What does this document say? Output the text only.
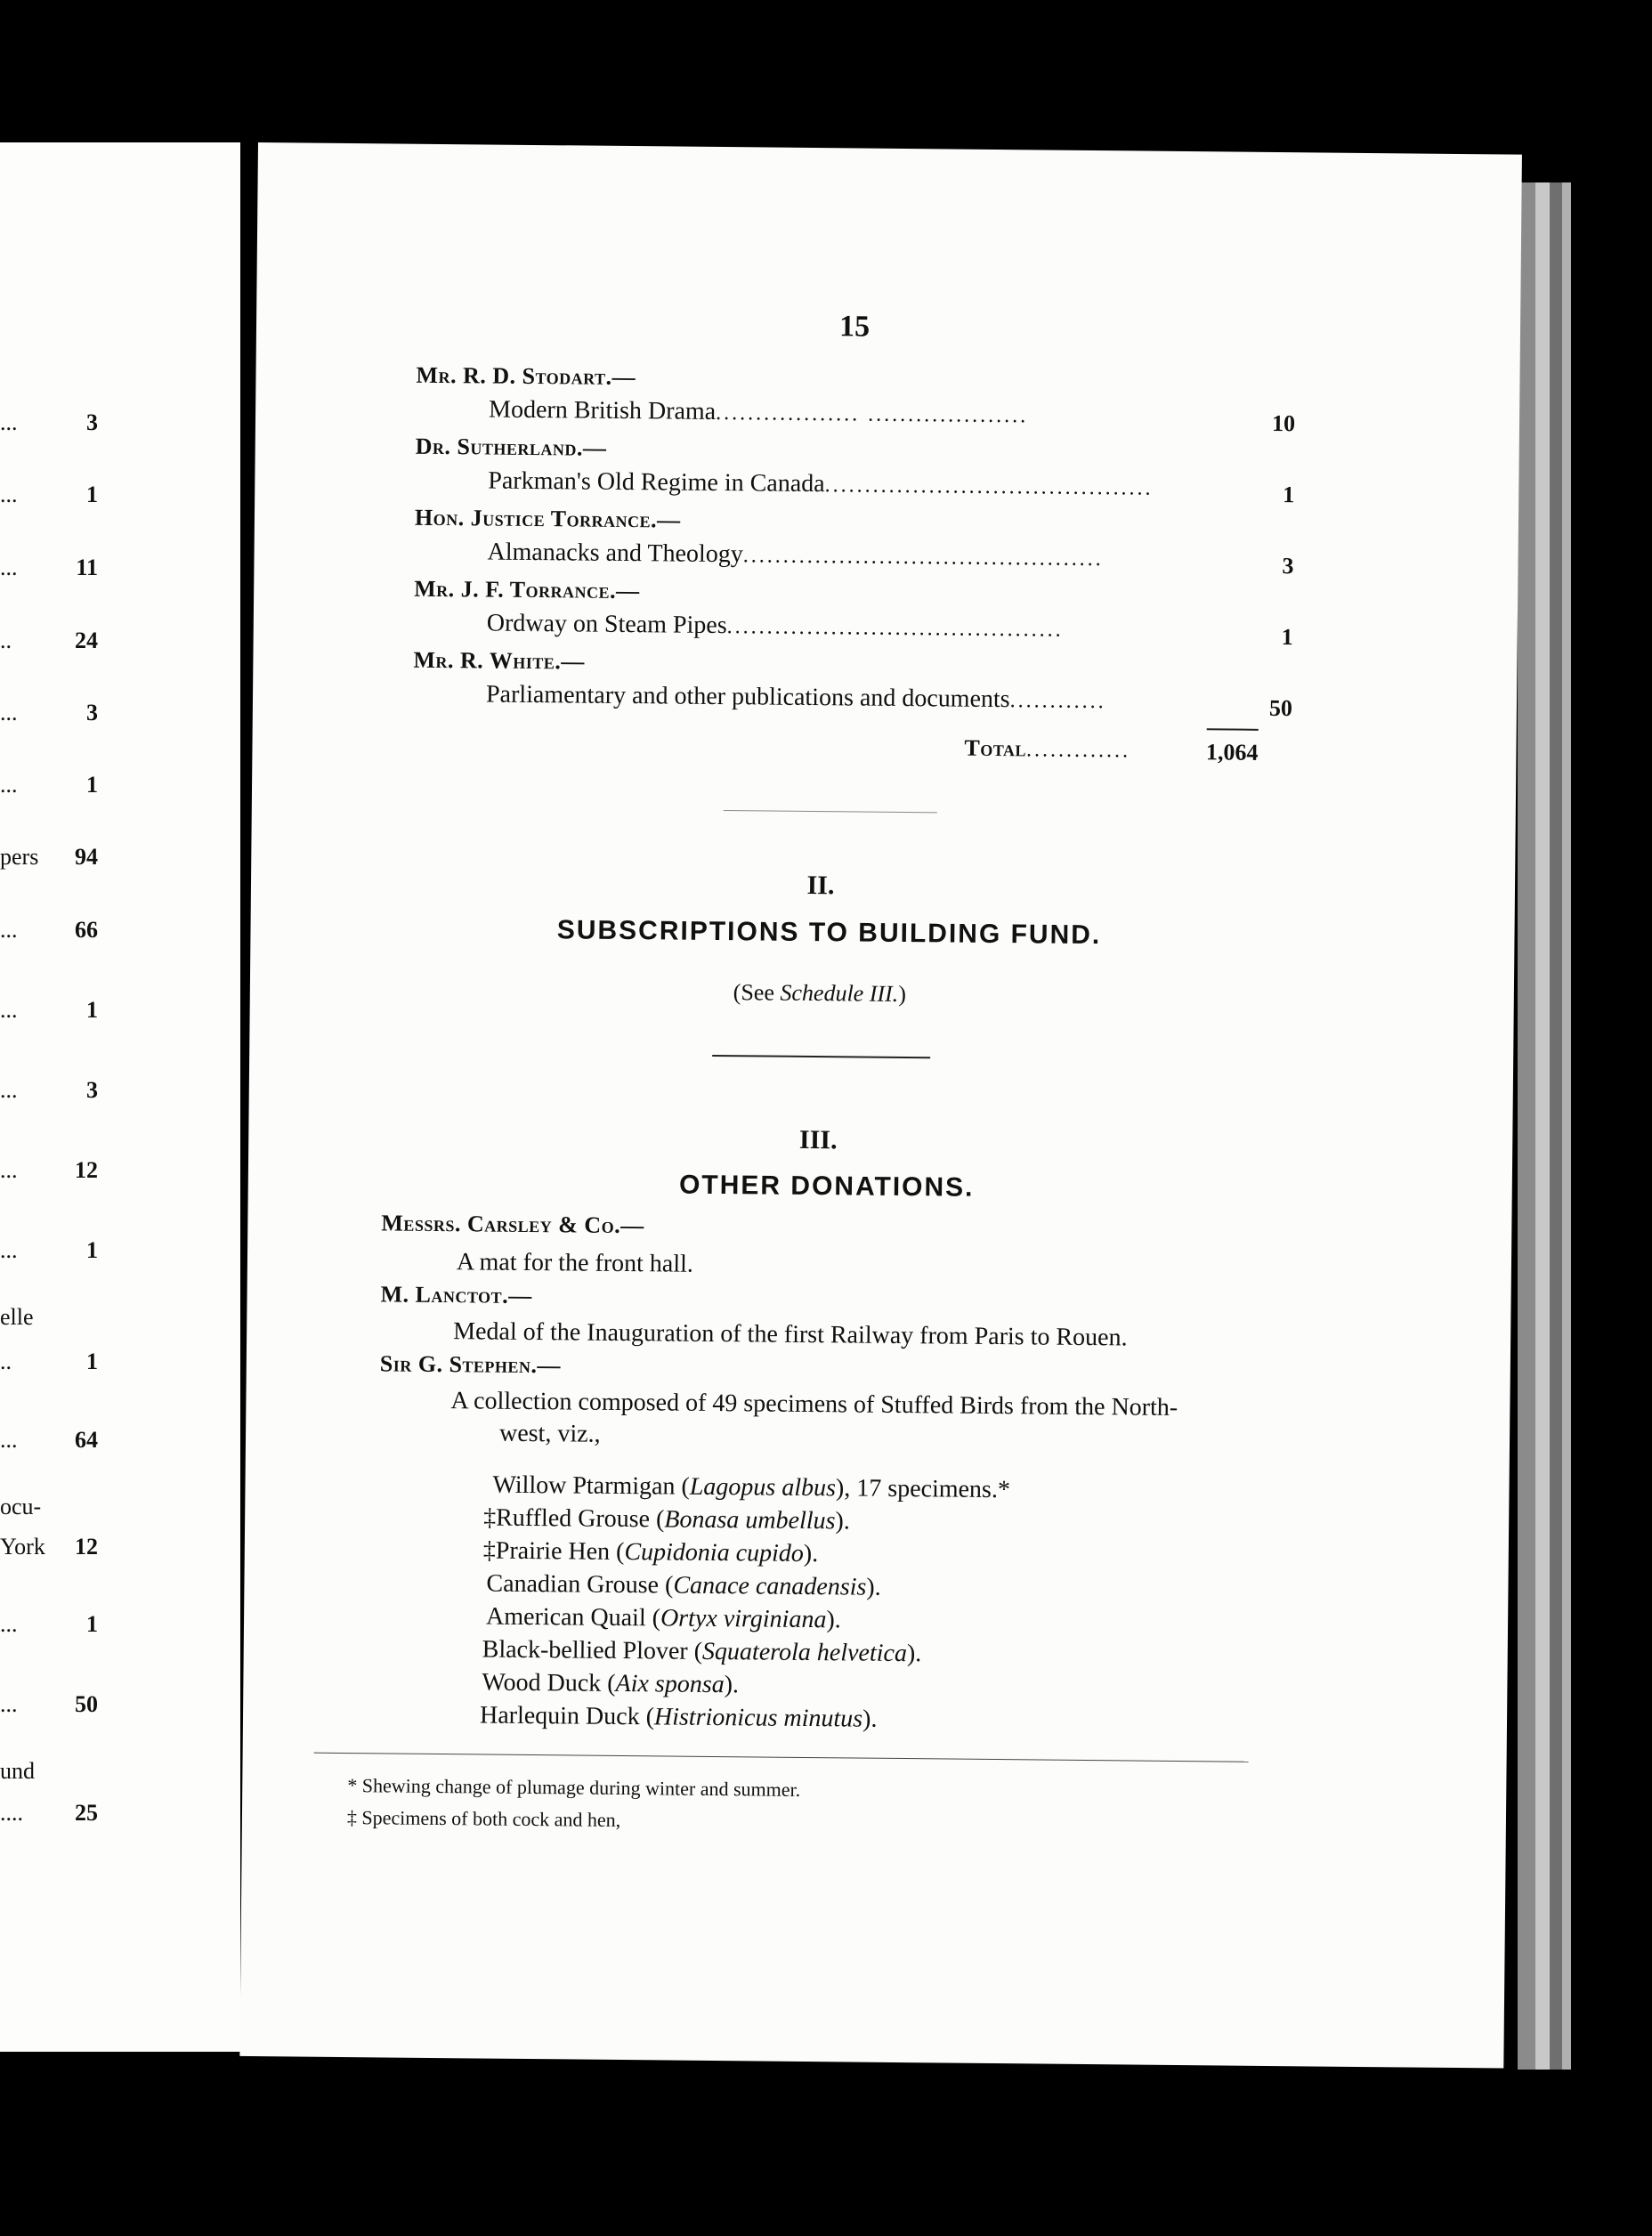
...	3
...	1
...	11
..	24
...	3
...	1
pers 94
... 66
...	1
...	3
... 12
...	1
elle
..	1
... 64
ocu-
York 12
...	1
... 50
und
.... 25
15
Mr. R. D. Stodart.—
Modern British Drama.................. ....................	10
Dr. Sutherland.—
Parkman's Old Regime in Canada.........................................	1
Hon. Justice Torrance.—
Almanacks and Theology.............................................	3
Mr. J. F. Torrance.—
Ordway on Steam Pipes..........................................	1
Mr. R. White.—
Parliamentary and other publications and documents............	50
Total.............	1,064
II.
SUBSCRIPTIONS TO BUILDING FUND.
(See Schedule III.)
III.
OTHER DONATIONS.
Messrs. Carsley & Co.—
A mat for the front hall.
M. Lanctot.—
Medal of the Inauguration of the first Railway from Paris to Rouen.
Sir G. Stephen.—
A collection composed of 49 specimens of Stuffed Birds from the North-
west, viz.,
Willow Ptarmigan (Lagopus albus), 17 specimens.*
‡Ruffled Grouse (Bonasa umbellus).
‡Prairie Hen (Cupidonia cupido).
Canadian Grouse (Canace canadensis).
American Quail (Ortyx virginiana).
Black-bellied Plover (Squaterola helvetica).
Wood Duck (Aix sponsa).
Harlequin Duck (Histrionicus minutus).
* Shewing change of plumage during winter and summer.
‡ Specimens of both cock and hen,
